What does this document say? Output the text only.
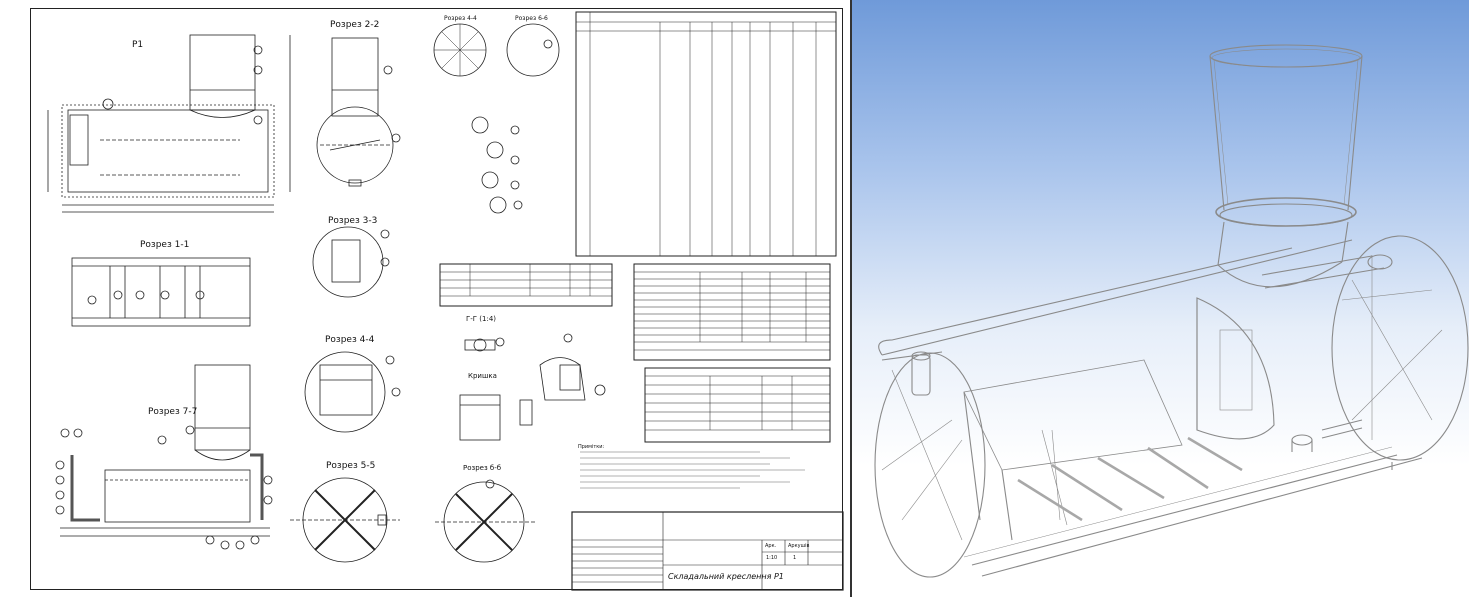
Р1
Розрез 2-2
Розрез 4-4	Розрез 6-6
Розрез 1-1
Розрез 3-3
Розрез 4-4
Розрез 7-7
Розрез 5-5	Розрез б-б
Г-Г (1:4)
Кришка
Примітки:
Складальний креслення Р1
Арк. Аркушів
1
1:10
